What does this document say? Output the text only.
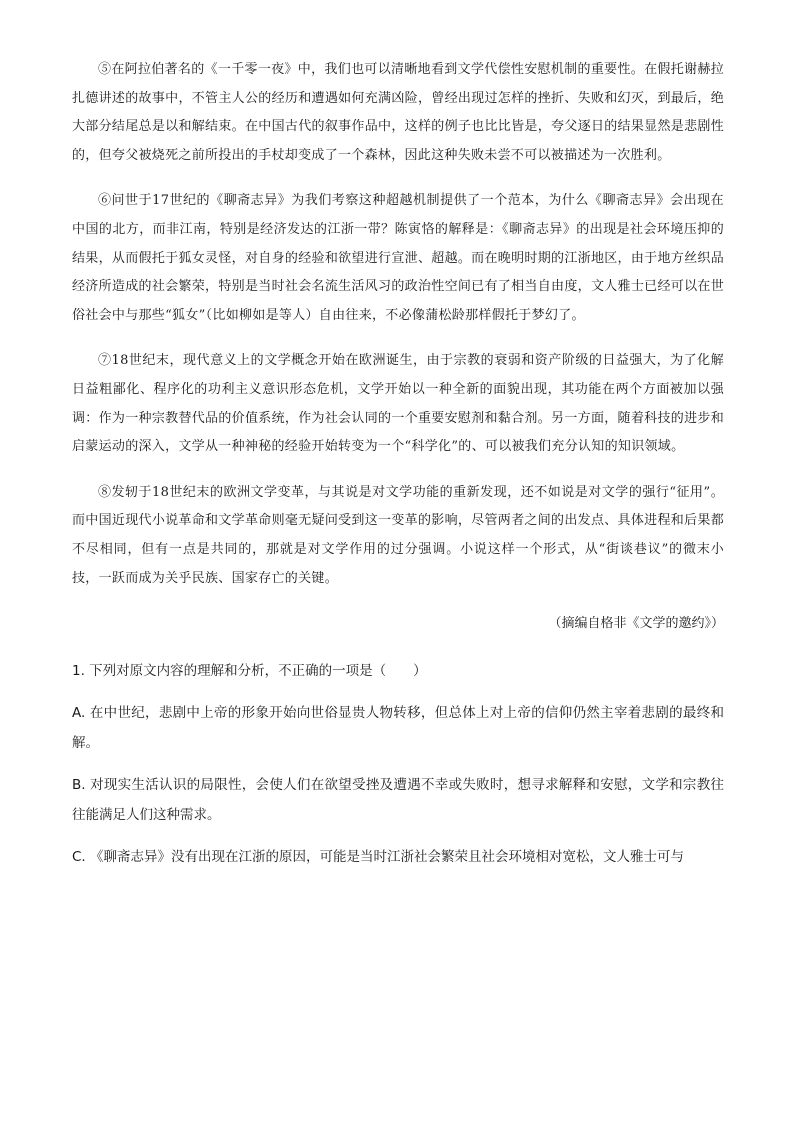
⑤在阿拉伯著名的《一千零一夜》中，我们也可以清晰地看到文学代偿性安慰机制的重要性。在假托谢赫拉扎德讲述的故事中，不管主人公的经历和遭遇如何充满凶险，曾经出现过怎样的挫折、失败和幻灭，到最后，绝大部分结尾总是以和解结束。在中国古代的叙事作品中，这样的例子也比比皆是，夸父逐日的结果显然是悲剧性的，但夸父被烧死之前所投出的手杖却变成了一个森林，因此这种失败未尝不可以被描述为一次胜利。

⑥问世于17世纪的《聊斋志异》为我们考察这种超越机制提供了一个范本，为什么《聊斋志异》会出现在中国的北方，而非江南，特别是经济发达的江浙一带？陈寅恪的解释是：《聊斋志异》的出现是社会环境压抑的结果，从而假托于狐女灵怪，对自身的经验和欲望进行宣泄、超越。而在晚明时期的江浙地区，由于地方丝织品经济所造成的社会繁荣，特别是当时社会名流生活风习的政治性空间已有了相当自由度，文人雅士已经可以在世俗社会中与那些“狐女”（比如柳如是等人）自由往来，不必像蒲松龄那样假托于梦幻了。

⑦18世纪末，现代意义上的文学概念开始在欧洲诞生，由于宗教的衰弱和资产阶级的日益强大，为了化解日益粗鄙化、程序化的功利主义意识形态危机，文学开始以一种全新的面貌出现，其功能在两个方面被加以强调：作为一种宗教替代品的价值系统，作为社会认同的一个重要安慰剂和黏合剂。另一方面，随着科技的进步和启蒙运动的深入，文学从一种神秘的经验开始转变为一个“科学化”的、可以被我们充分认知的知识领域。

⑧发轫于18世纪末的欧洲文学变革，与其说是对文学功能的重新发现，还不如说是对文学的强行“征用”。而中国近现代小说革命和文学革命则毫无疑问受到这一变革的影响，尽管两者之间的出发点、具体进程和后果都不尽相同，但有一点是共同的，那就是对文学作用的过分强调。小说这样一个形式，从“街谈巷议”的微末小技，一跃而成为关乎民族、国家存亡的关键。

（摘编自格非《文学的邀约》）

1. 下列对原文内容的理解和分析，不正确的一项是（　　）

A. 在中世纪，悲剧中上帝的形象开始向世俗显贵人物转移，但总体上对上帝的信仰仍然主宰着悲剧的最终和解。

B. 对现实生活认识的局限性，会使人们在欲望受挫及遭遇不幸或失败时，想寻求解释和安慰，文学和宗教往往能满足人们这种需求。

C. 《聊斋志异》没有出现在江浙的原因，可能是当时江浙社会繁荣且社会环境相对宽松，文人雅士可与
